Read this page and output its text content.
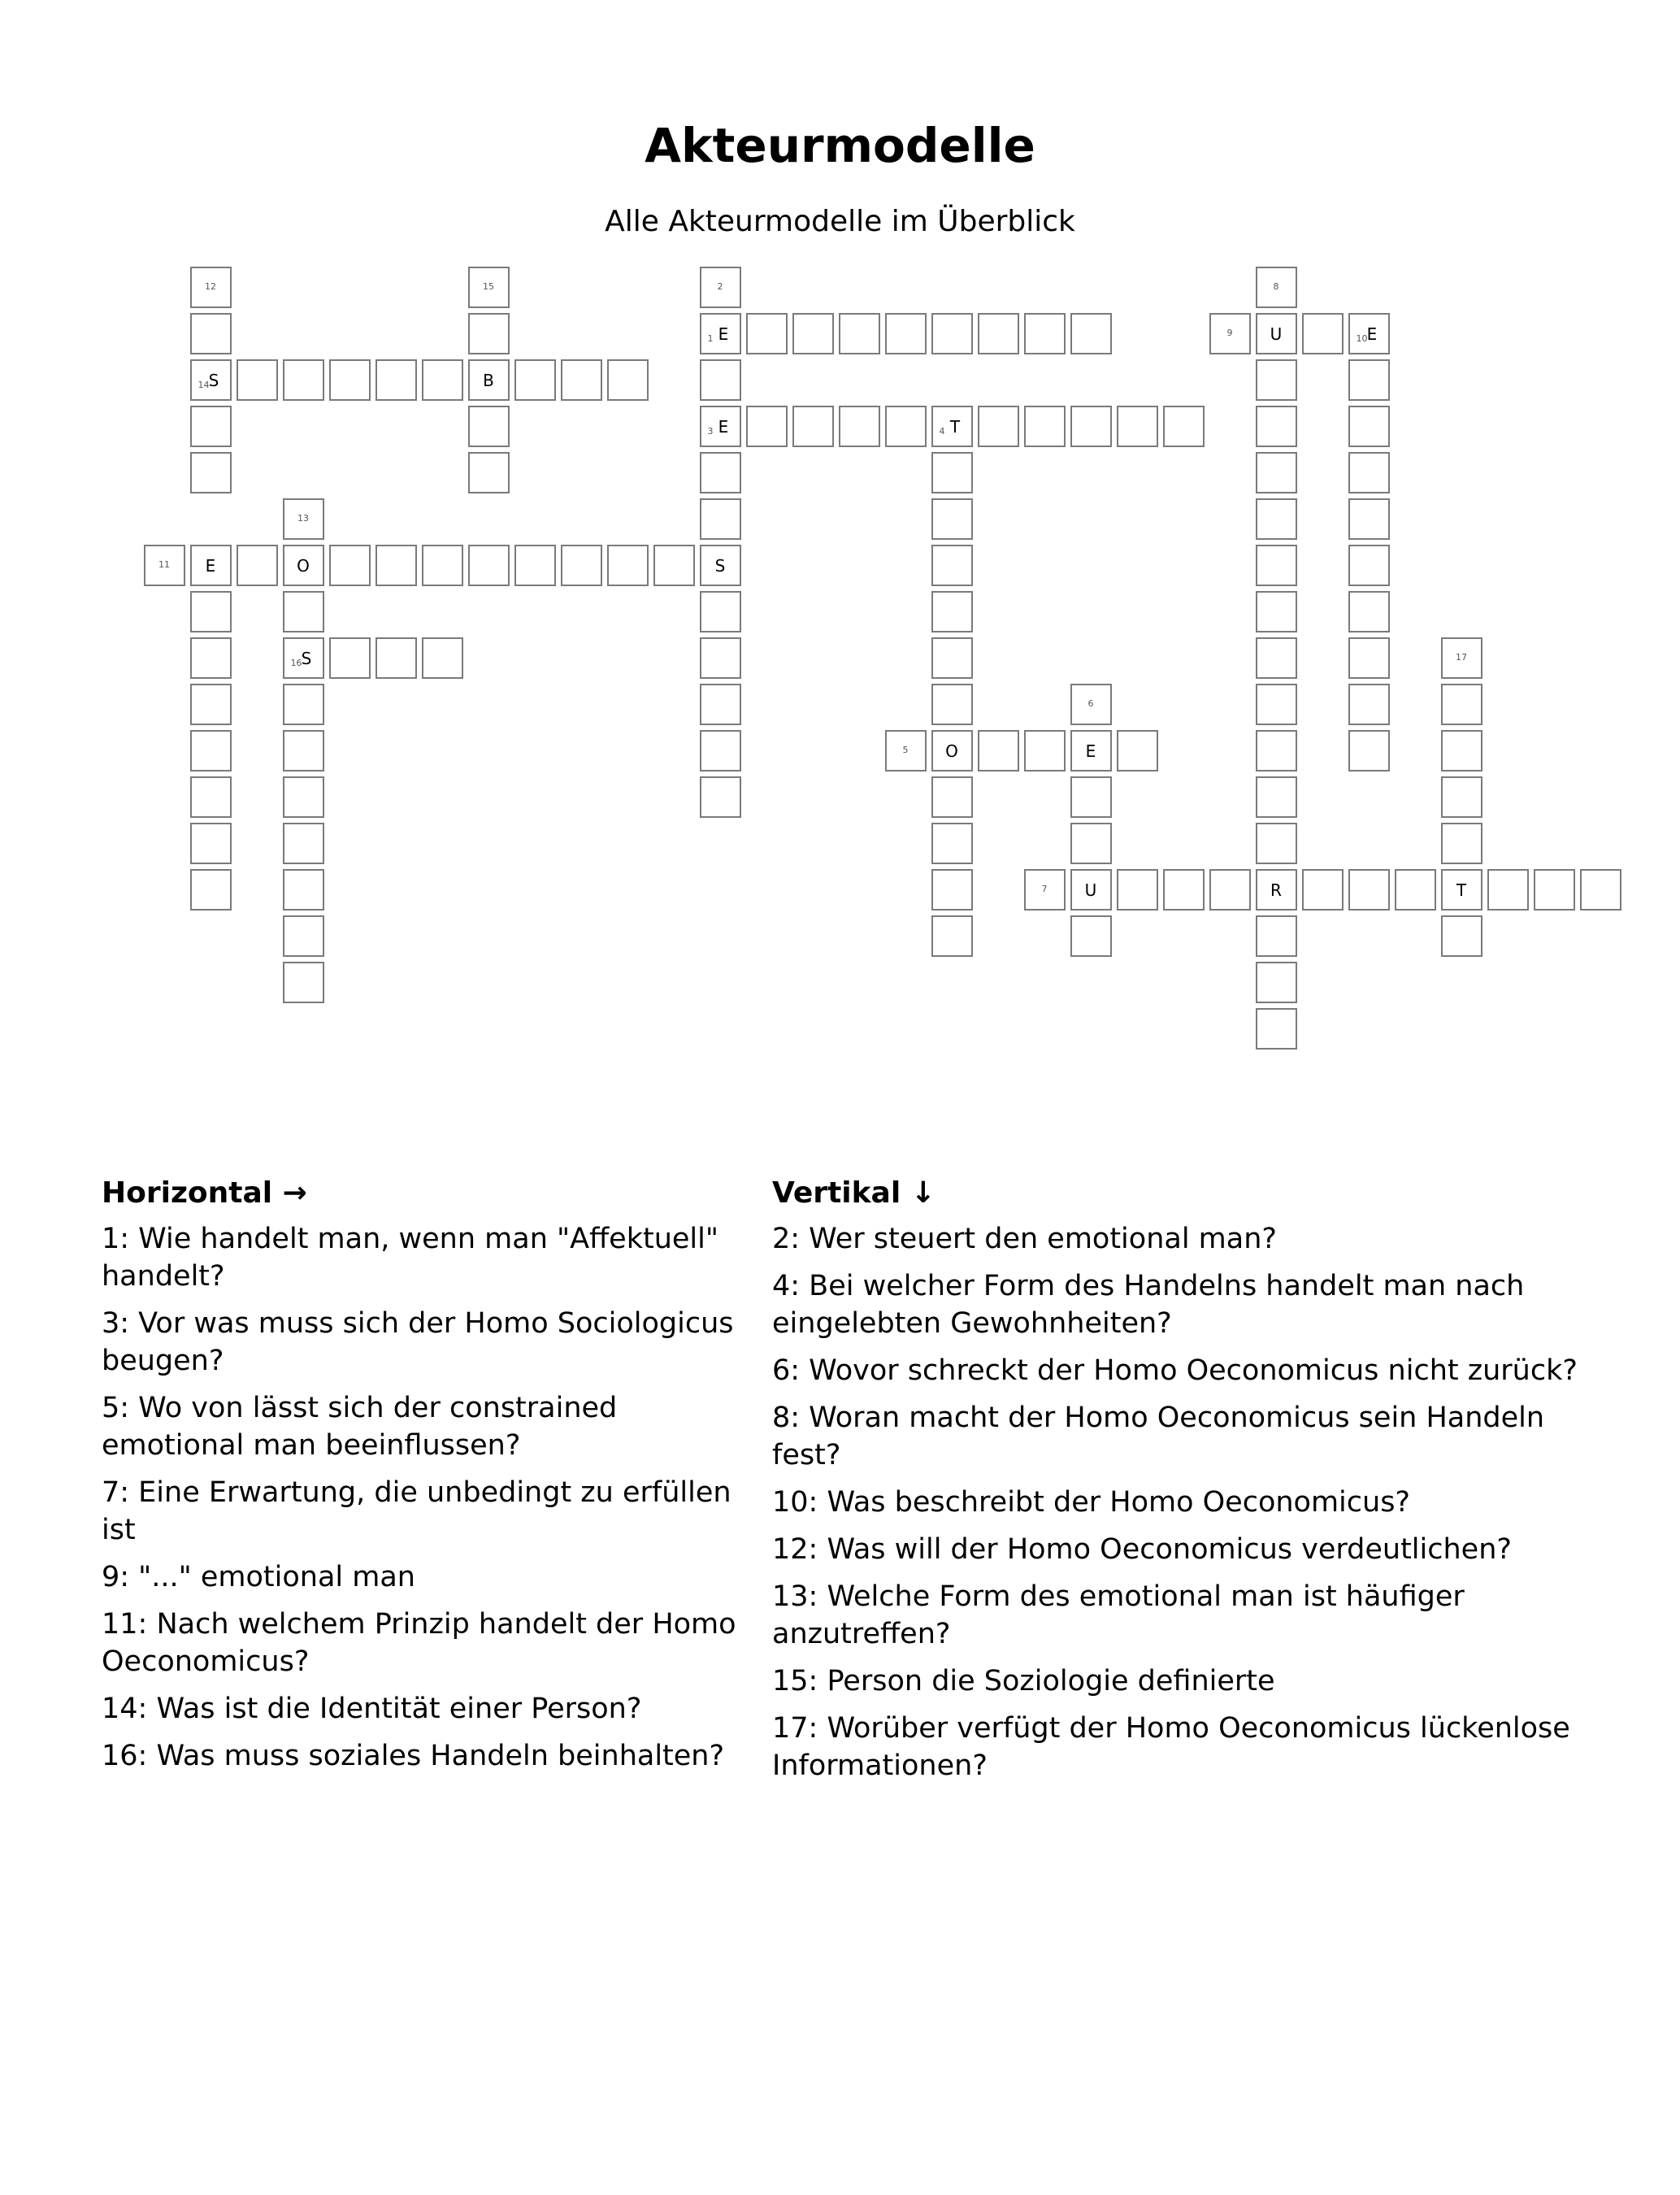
Akteurmodelle
Alle Akteurmodelle im Überblick
12
14 S
E
B
15	2
1 E
3 E
S
4 T
O
11	O
13
16 S
8
9	U	10 E
R
5	E
6
U
7	T
17
Horizontal →
1: Wie handelt man, wenn man "Affektuell" handelt?
3: Vor was muss sich der Homo Sociologicus beugen?
5: Wo von lässt sich der constrained emotional man beeinflussen?
7: Eine Erwartung, die unbedingt zu erfüllen ist
9: "..." emotional man
11: Nach welchem Prinzip handelt der Homo Oeconomicus?
14: Was ist die Identität einer Person?
16: Was muss soziales Handeln beinhalten?
Vertikal ↓
2: Wer steuert den emotional man?
4: Bei welcher Form des Handelns handelt man nach eingelebten Gewohnheiten?
6: Wovor schreckt der Homo Oeconomicus nicht zurück?
8: Woran macht der Homo Oeconomicus sein Handeln fest?
10: Was beschreibt der Homo Oeconomicus?
12: Was will der Homo Oeconomicus verdeutlichen?
13: Welche Form des emotional man ist häufiger anzutreffen?
15: Person die Soziologie definierte
17: Worüber verfügt der Homo Oeconomicus lückenlose Informationen?
